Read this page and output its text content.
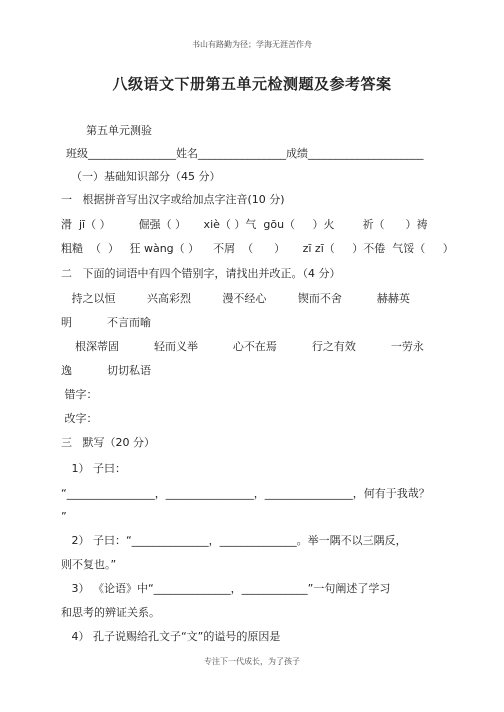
书山有路勤为径；学海无涯苦作舟
八级语文下册第五单元检测题及参考答案
第五单元测验
班级________________姓名________________成绩_____________________
（一）基础知识部分（45 分）
一   根据拼音写出汉字或给加点字注音(10 分)
滑  jī（ ）        倔强（ ）     xiè（ ）气  gōu（     ）火        祈（      ）祷
粗糙  （  ）   狂 wàng（ ）    不屑  （      ）     zī zī（     ）不倦  气馁（     ）
二   下面的词语中有四个错别字，请找出并改正。（4 分）
持之以恒         兴高彩烈         漫不经心         锲而不舍          赫赫英
明          不言而喻
根深蒂固          轻而义举          心不在焉          行之有效          一劳永
逸          切切私语
错字：
改字：
三   默写（20 分）
1） 子曰：
“________________，________________，________________，何有于我哉？
”
2） 子曰：“______________，______________。举一隅不以三隅反，
则不复也。”
3） 《论语》中“______________，____________”一句阐述了学习
和思考的辨证关系。
4） 孔子说赐给孔文子“文”的谥号的原因是
专注下一代成长，为了孩子
